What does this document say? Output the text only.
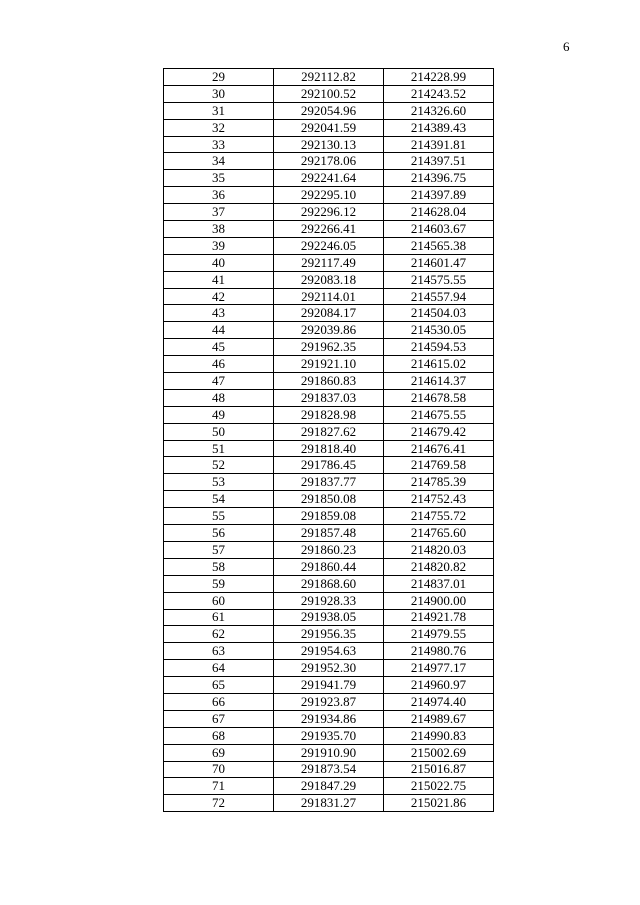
6
29	292112.82	214228.99
30	292100.52	214243.52
31	292054.96	214326.60
32	292041.59	214389.43
33	292130.13	214391.81
34	292178.06	214397.51
35	292241.64	214396.75
36	292295.10	214397.89
37	292296.12	214628.04
38	292266.41	214603.67
39	292246.05	214565.38
40	292117.49	214601.47
41	292083.18	214575.55
42	292114.01	214557.94
43	292084.17	214504.03
44	292039.86	214530.05
45	291962.35	214594.53
46	291921.10	214615.02
47	291860.83	214614.37
48	291837.03	214678.58
49	291828.98	214675.55
50	291827.62	214679.42
51	291818.40	214676.41
52	291786.45	214769.58
53	291837.77	214785.39
54	291850.08	214752.43
55	291859.08	214755.72
56	291857.48	214765.60
57	291860.23	214820.03
58	291860.44	214820.82
59	291868.60	214837.01
60	291928.33	214900.00
61	291938.05	214921.78
62	291956.35	214979.55
63	291954.63	214980.76
64	291952.30	214977.17
65	291941.79	214960.97
66	291923.87	214974.40
67	291934.86	214989.67
68	291935.70	214990.83
69	291910.90	215002.69
70	291873.54	215016.87
71	291847.29	215022.75
72	291831.27	215021.86
